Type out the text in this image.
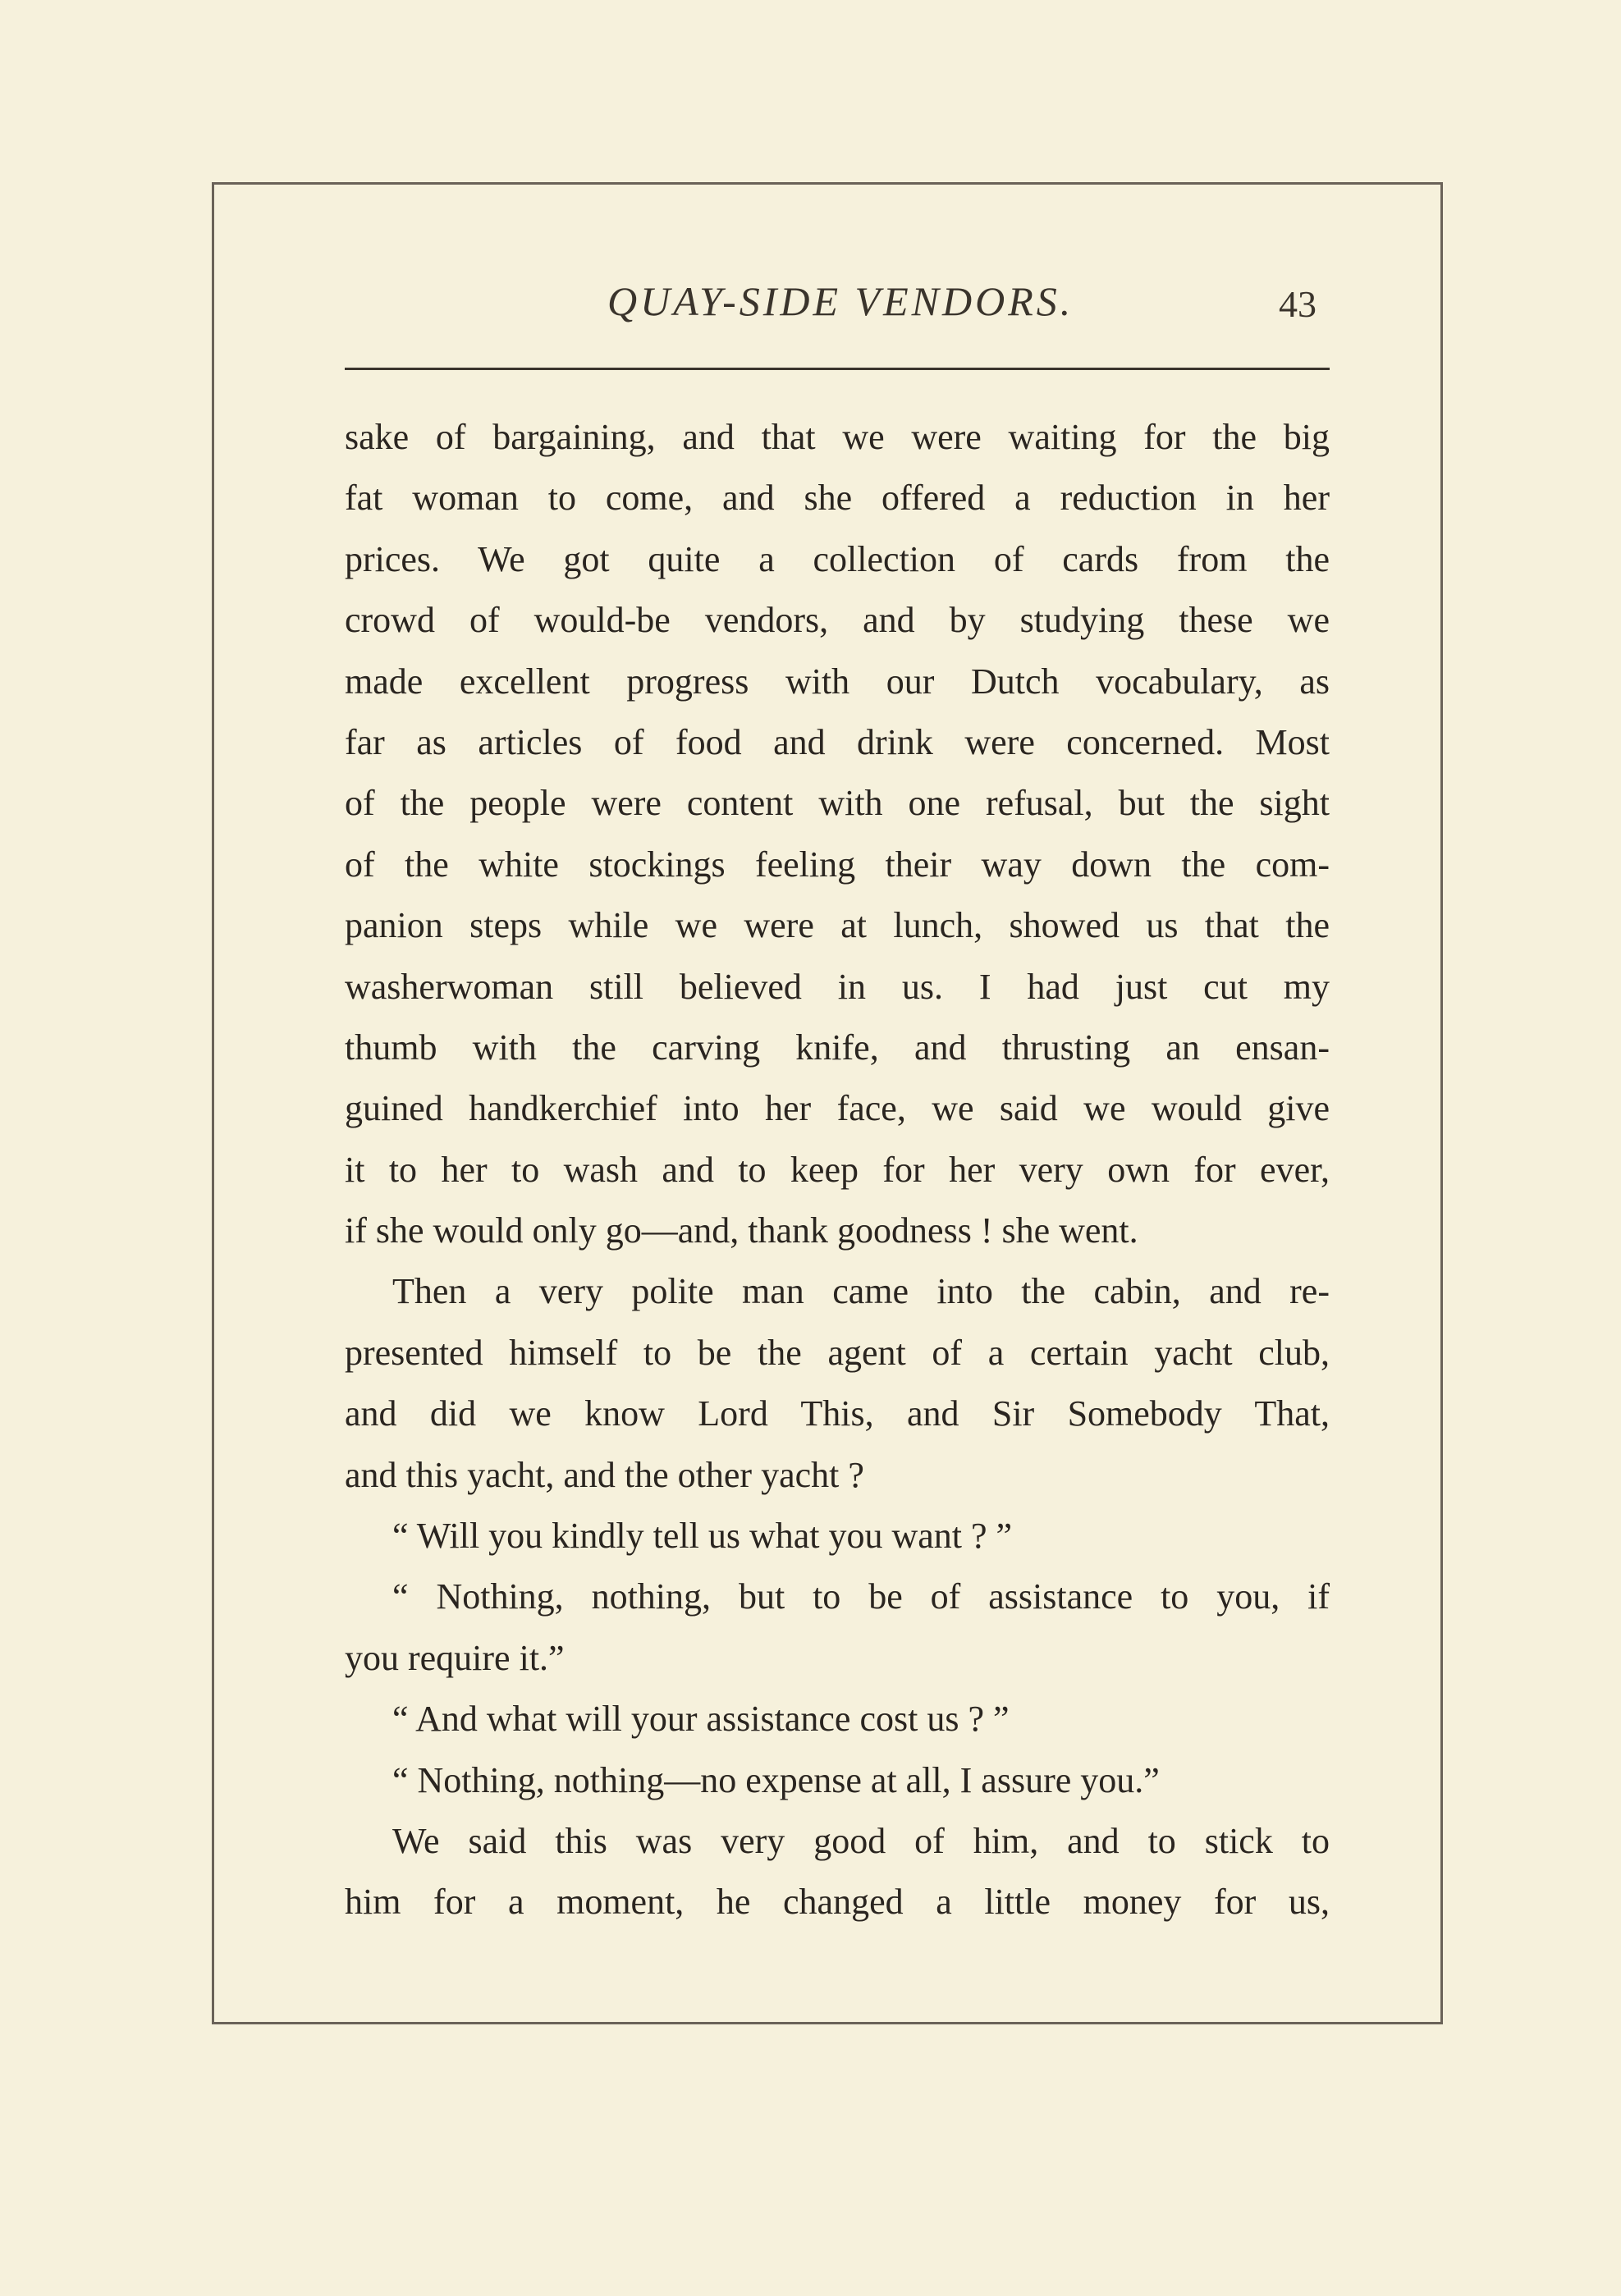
QUAY-SIDE VENDORS.	43
sake of bargaining, and that we were waiting for the big
fat woman to come, and she offered a reduction in her
prices. We got quite a collection of cards from the
crowd of would-be vendors, and by studying these we
made excellent progress with our Dutch vocabulary, as
far as articles of food and drink were concerned. Most
of the people were content with one refusal, but the sight
of the white stockings feeling their way down the com-
panion steps while we were at lunch, showed us that the
washerwoman still believed in us. I had just cut my
thumb with the carving knife, and thrusting an ensan-
guined handkerchief into her face, we said we would give
it to her to wash and to keep for her very own for ever,
if she would only go—and, thank goodness ! she went.
Then a very polite man came into the cabin, and re-
presented himself to be the agent of a certain yacht club,
and did we know Lord This, and Sir Somebody That,
and this yacht, and the other yacht ?
“ Will you kindly tell us what you want ? ”
“ Nothing, nothing, but to be of assistance to you, if
you require it.”
“ And what will your assistance cost us ? ”
“ Nothing, nothing—no expense at all, I assure you.”
We said this was very good of him, and to stick to
him for a moment, he changed a little money for us,
